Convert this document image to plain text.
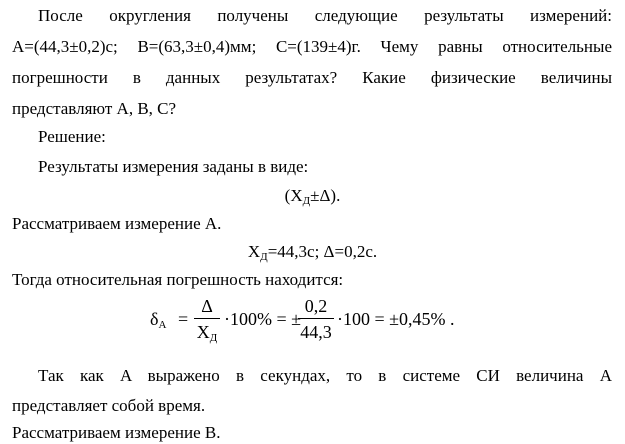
После округления получены следующие результаты измерений:
A=(44,3±0,2)с; B=(63,3±0,4)мм; C=(139±4)г. Чему равны относительные
погрешности в данных результатах? Какие физические величины
представляют A, B, C?
Решение:
Результаты измерения заданы в виде:
$(X_Д\pm\Delta)$.
Рассматриваем измерение A.
$X_Д=44,3с$; Δ=0,2с.
Тогда относительная погрешность находится:
$\delta_A$ =
Δ
$X_Д$
·100% = ±
0,2
44,3
·100 = ±0,45% .
Так как A выражено в секундах, то в системе СИ величина A
представляет собой время.
Рассматриваем измерение B.
